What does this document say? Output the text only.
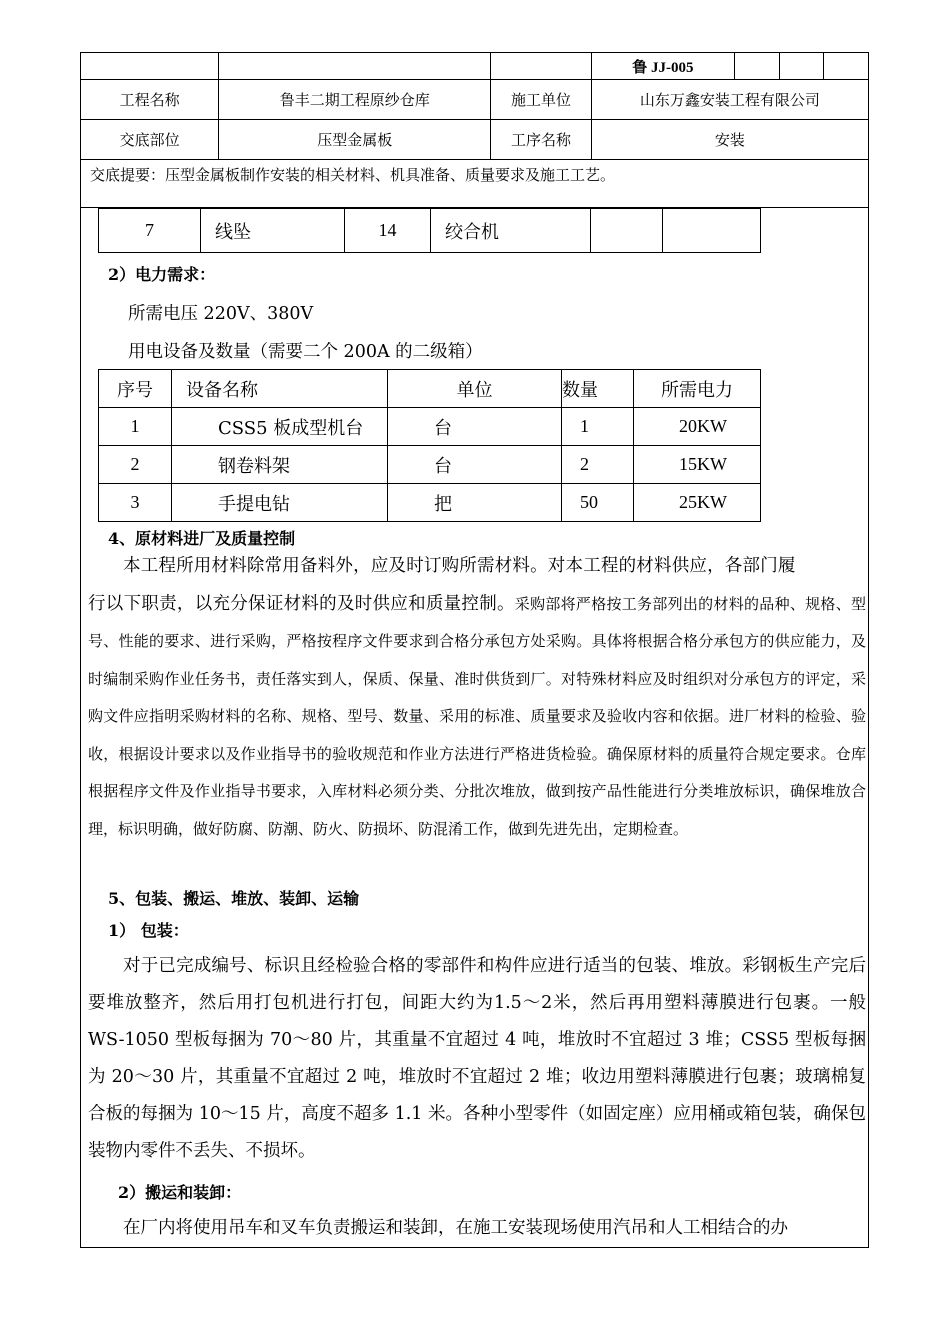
			鲁 JJ-005			
工程名称	鲁丰二期工程原纱仓库	施工单位	山东万鑫安装工程有限公司			
交底部位	压型金属板	工序名称	安装			
交底提要：压型金属板制作安装的相关材料、机具准备、质量要求及施工工艺。
7	线坠	14	绞合机		
2）电力需求：
所需电压 220V、380V
用电设备及数量（需要二个 200A 的二级箱）
序号	设备名称	单位	数量	所需电力
1	CSS5 板成型机台	台	1	20KW
2	钢卷料架	台	2	15KW
3	手提电钻	把	50	25KW
4、原材料进厂及质量控制
本工程所用材料除常用备料外，应及时订购所需材料。对本工程的材料供应，各部门履
行以下职责，以充分保证材料的及时供应和质量控制。采购部将严格按工务部列出的材料的品种、规格、型号、性能的要求、进行采购，严格按程序文件要求到合格分承包方处采购。具体将根据合格分承包方的供应能力，及时编制采购作业任务书，责任落实到人，保质、保量、准时供货到厂。对特殊材料应及时组织对分承包方的评定，采购文件应指明采购材料的名称、规格、型号、数量、采用的标准、质量要求及验收内容和依据。进厂材料的检验、验收，根据设计要求以及作业指导书的验收规范和作业方法进行严格进货检验。确保原材料的质量符合规定要求。仓库根据程序文件及作业指导书要求，入库材料必须分类、分批次堆放，做到按产品性能进行分类堆放标识，确保堆放合理，标识明确，做好防腐、防潮、防火、防损坏、防混淆工作，做到先进先出，定期检查。
5、包装、搬运、堆放、装卸、运输
1） 包装：
对于已完成编号、标识且经检验合格的零部件和构件应进行适当的包装、堆放。彩钢板生产完后要堆放整齐，然后用打包机进行打包，间距大约为1.5～2米，然后再用塑料薄膜进行包裹。一般 WS-1050 型板每捆为 70～80 片，其重量不宜超过 4 吨，堆放时不宜超过 3 堆；CSS5 型板每捆为 20～30 片，其重量不宜超过 2 吨，堆放时不宜超过 2 堆；收边用塑料薄膜进行包裹；玻璃棉复合板的每捆为 10～15 片，高度不超多 1.1 米。各种小型零件（如固定座）应用桶或箱包装，确保包装物内零件不丢失、不损坏。
2）搬运和装卸：
在厂内将使用吊车和叉车负责搬运和装卸，在施工安装现场使用汽吊和人工相结合的办
